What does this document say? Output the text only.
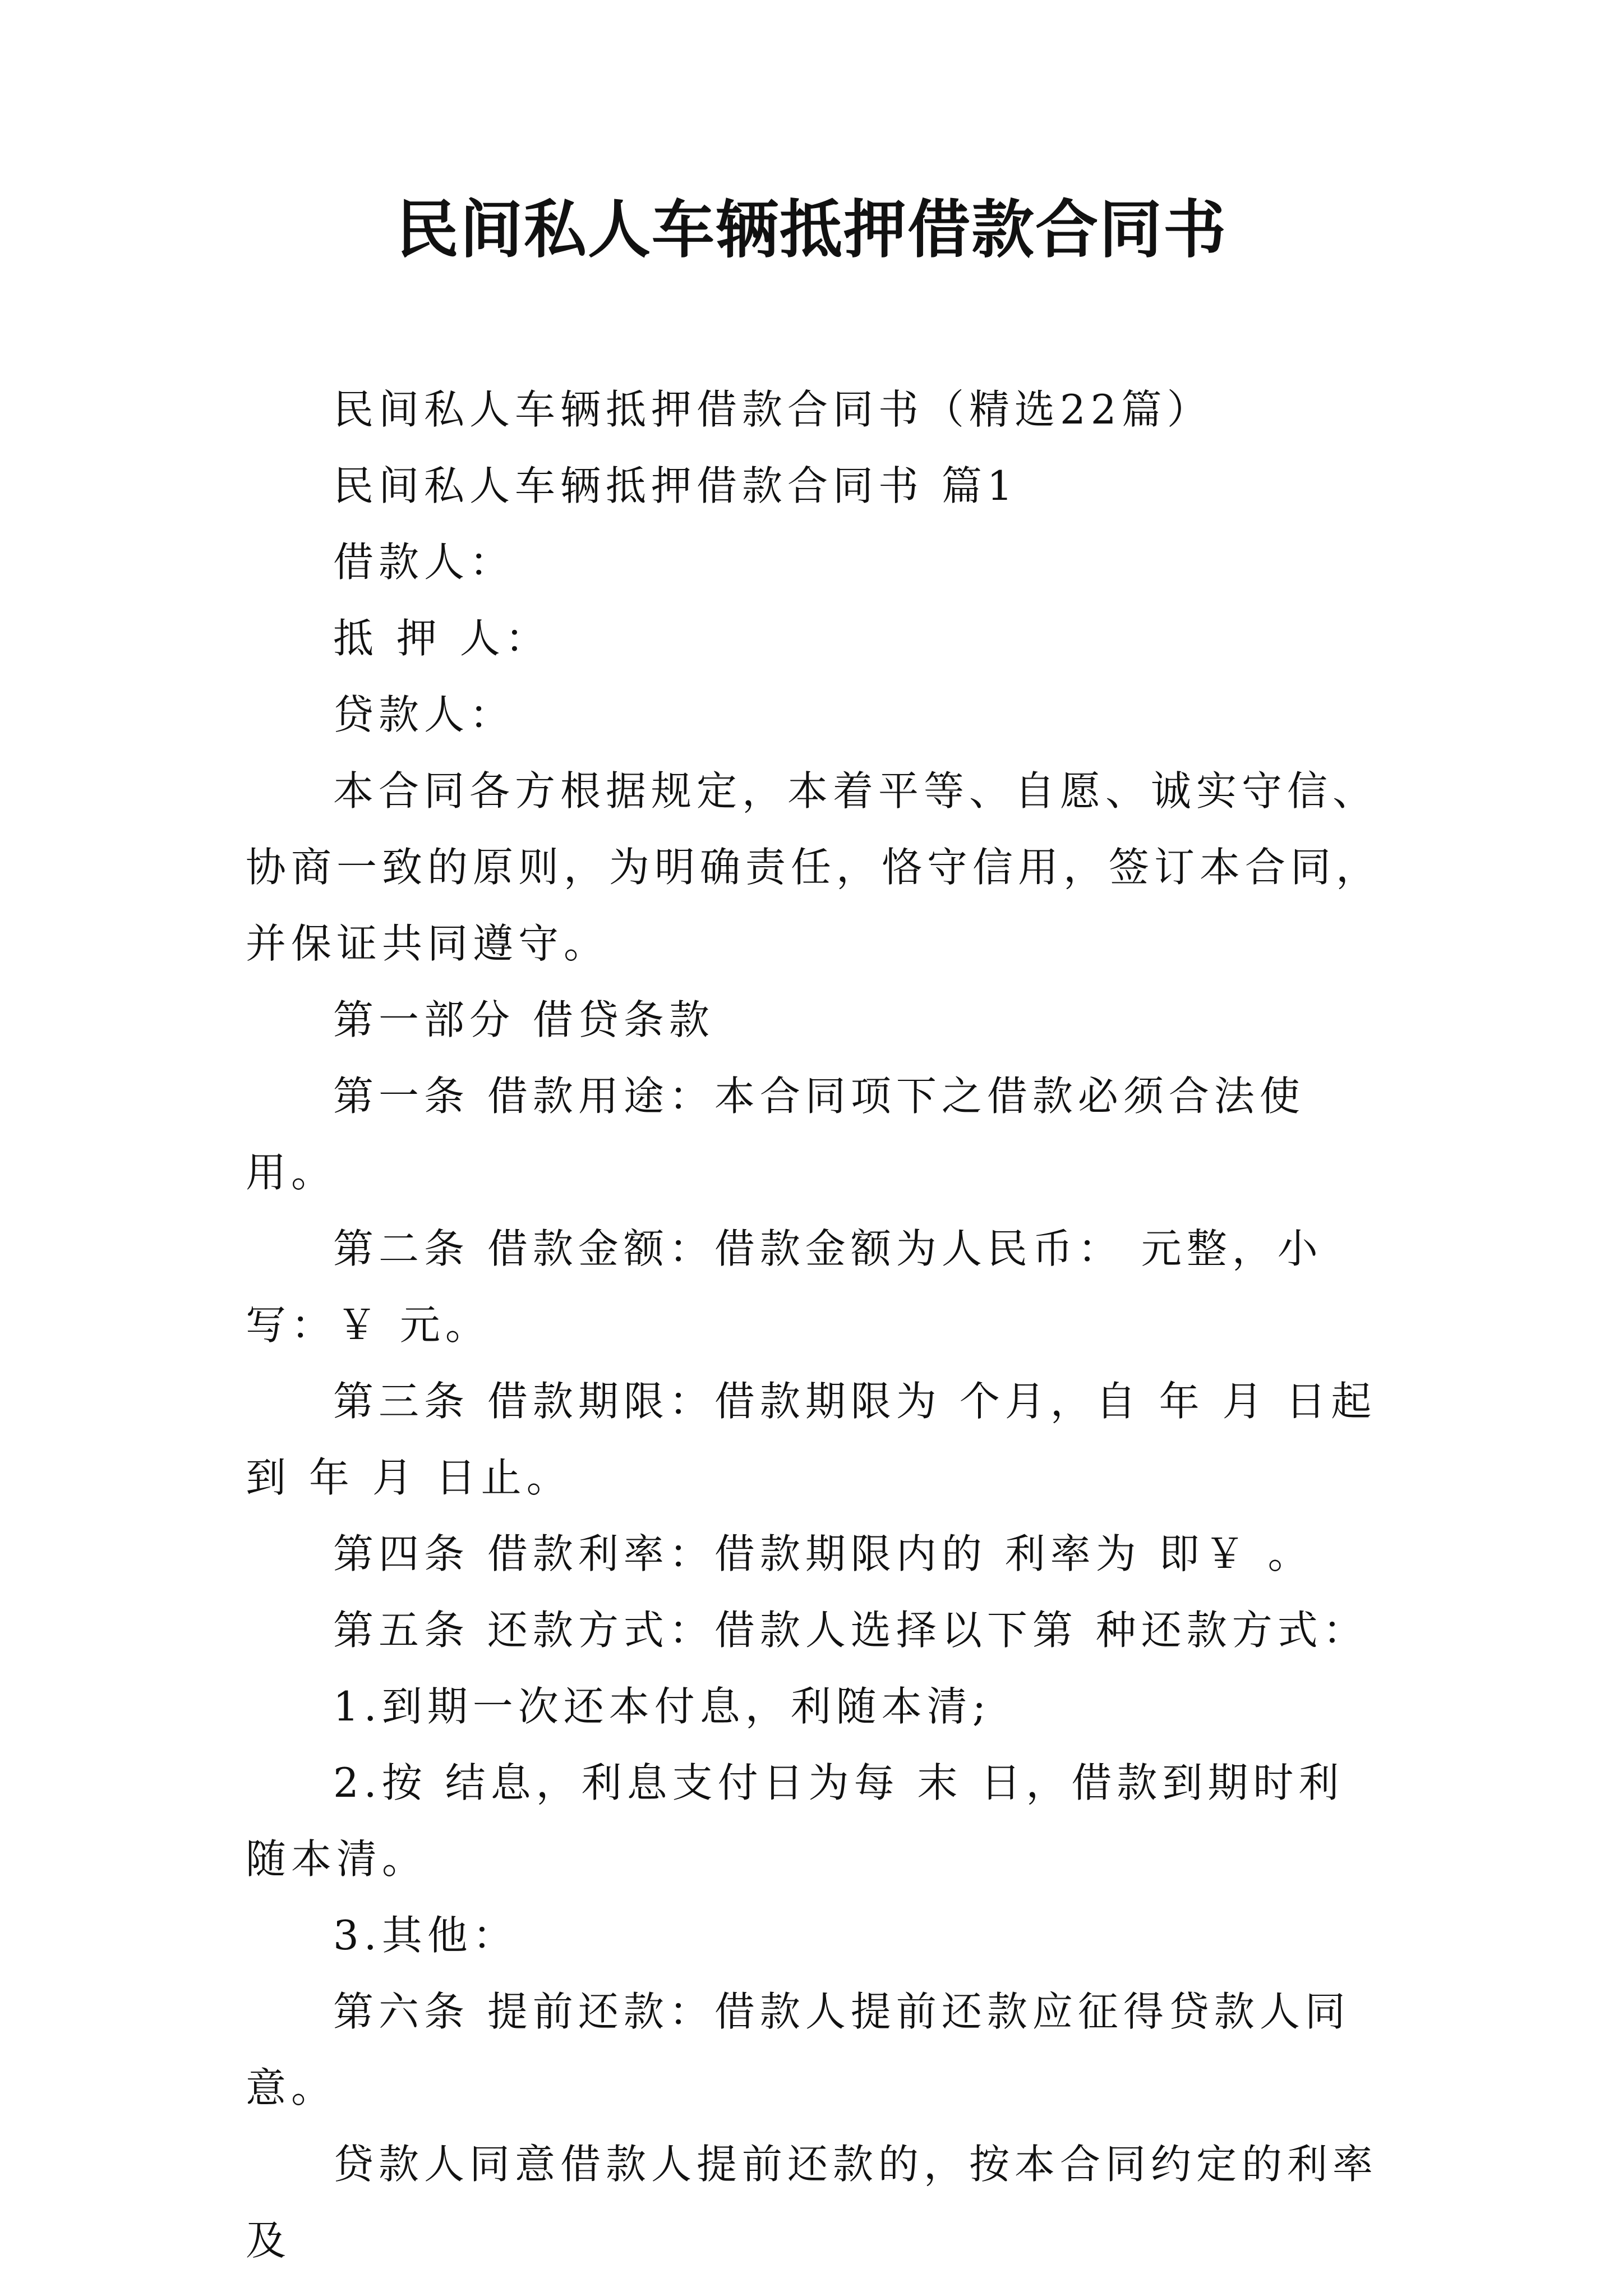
民间私人车辆抵押借款合同书

民间私人车辆抵押借款合同书（精选22篇）

民间私人车辆抵押借款合同书 篇1

借款人：

抵 押 人：

贷款人：

本合同各方根据规定，本着平等、自愿、诚实守信、协商一致的原则，为明确责任，恪守信用，签订本合同，并保证共同遵守。

第一部分 借贷条款

第一条 借款用途：本合同项下之借款必须合法使用。

第二条 借款金额：借款金额为人民币： 元整，小写：￥ 元。

第三条 借款期限：借款期限为 个月，自 年 月 日起到 年 月 日止。

第四条 借款利率：借款期限内的 利率为 即￥ 。

第五条 还款方式：借款人选择以下第 种还款方式：

1.到期一次还本付息，利随本清;

2.按 结息，利息支付日为每 末 日，借款到期时利随本清。

3.其他：

第六条 提前还款：借款人提前还款应征得贷款人同意。

贷款人同意借款人提前还款的，按本合同约定的利率及
